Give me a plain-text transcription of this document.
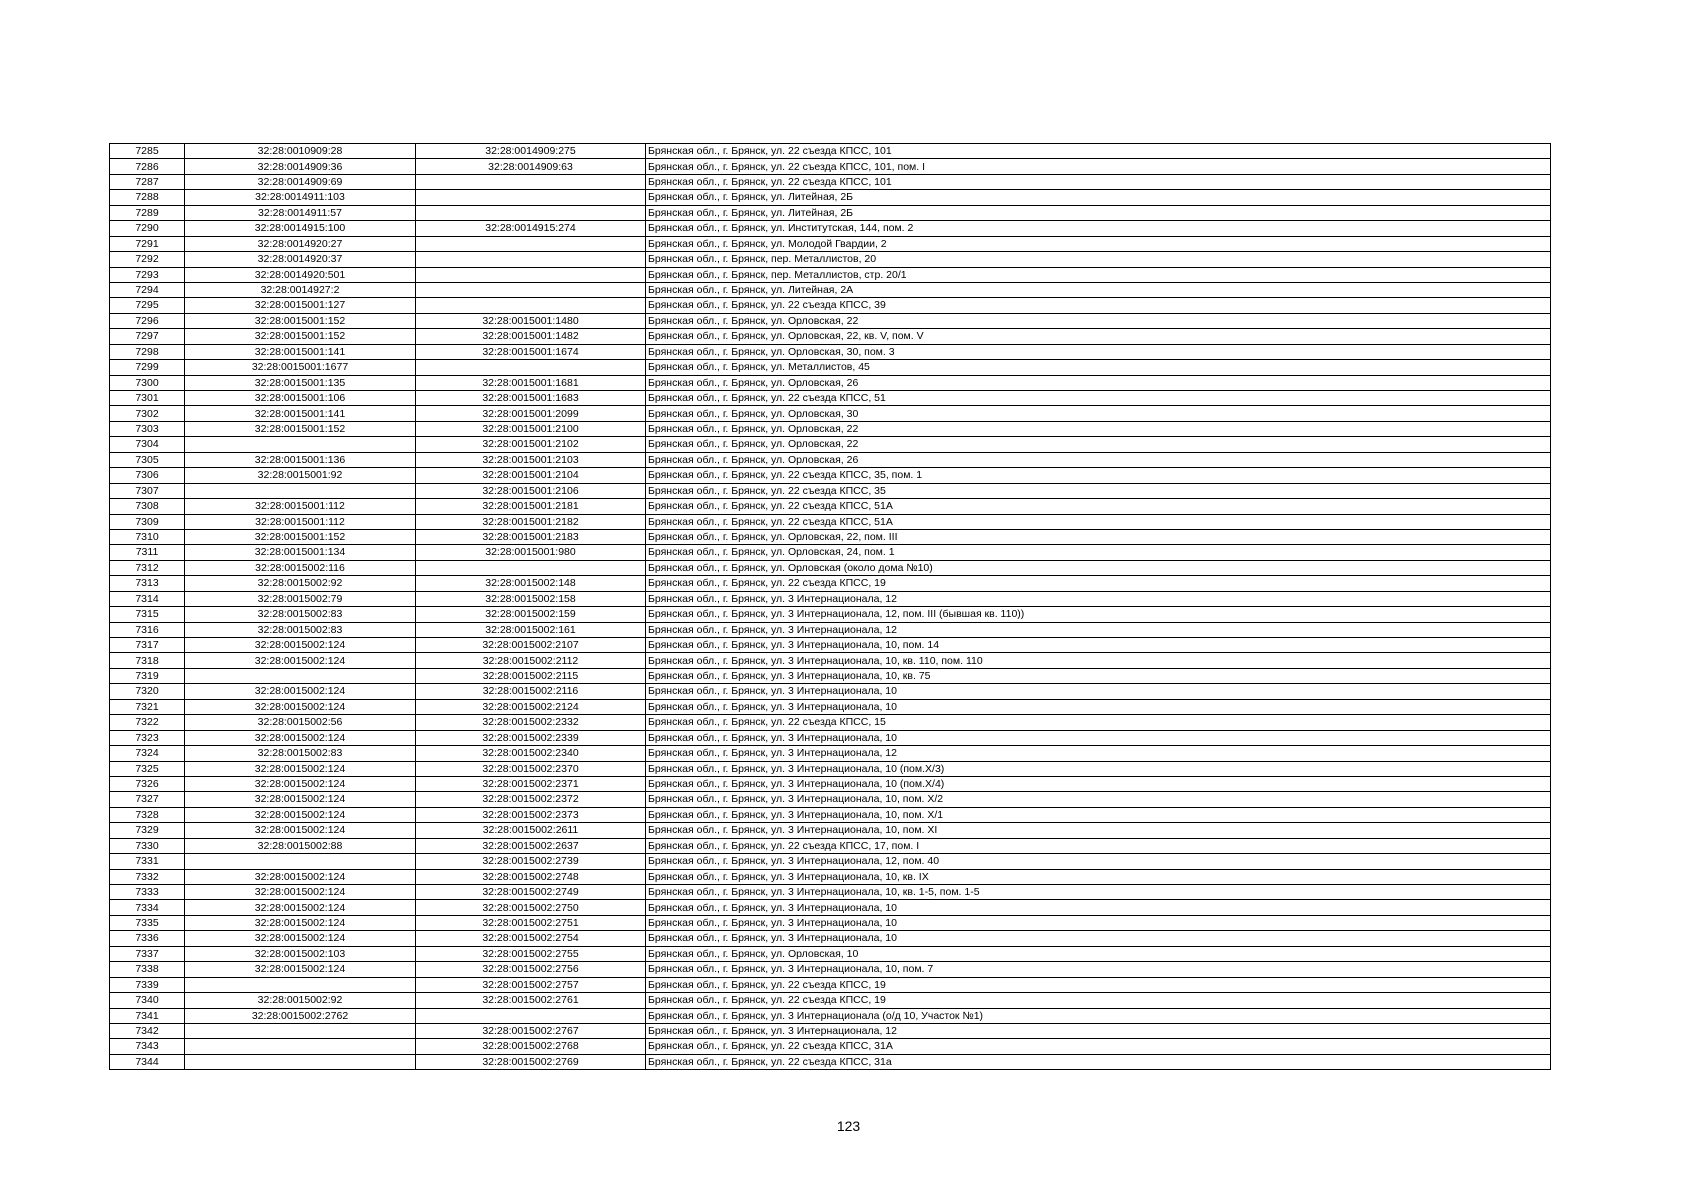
7285	32:28:0010909:28	32:28:0014909:275	Брянская обл., г. Брянск, ул. 22 съезда КПСС, 101
7286	32:28:0014909:36	32:28:0014909:63	Брянская обл., г. Брянск, ул. 22 съезда КПСС, 101, пом. I
7287	32:28:0014909:69		Брянская обл., г. Брянск, ул. 22 съезда КПСС, 101
7288	32:28:0014911:103		Брянская обл., г. Брянск, ул. Литейная, 2Б
7289	32:28:0014911:57		Брянская обл., г. Брянск, ул. Литейная, 2Б
7290	32:28:0014915:100	32:28:0014915:274	Брянская обл., г. Брянск, ул. Институтская, 144, пом. 2
7291	32:28:0014920:27		Брянская обл., г. Брянск, ул. Молодой Гвардии, 2
7292	32:28:0014920:37		Брянская обл., г. Брянск, пер. Металлистов, 20
7293	32:28:0014920:501		Брянская обл., г. Брянск, пер. Металлистов, стр. 20/1
7294	32:28:0014927:2		Брянская обл., г. Брянск, ул. Литейная, 2А
7295	32:28:0015001:127		Брянская обл., г. Брянск, ул. 22 съезда КПСС, 39
7296	32:28:0015001:152	32:28:0015001:1480	Брянская обл., г. Брянск, ул. Орловская, 22
7297	32:28:0015001:152	32:28:0015001:1482	Брянская обл., г. Брянск, ул. Орловская, 22, кв. V, пом. V
7298	32:28:0015001:141	32:28:0015001:1674	Брянская обл., г. Брянск, ул. Орловская, 30, пом. 3
7299	32:28:0015001:1677		Брянская обл., г. Брянск, ул. Металлистов, 45
7300	32:28:0015001:135	32:28:0015001:1681	Брянская обл., г. Брянск, ул. Орловская, 26
7301	32:28:0015001:106	32:28:0015001:1683	Брянская обл., г. Брянск, ул. 22 съезда КПСС, 51
7302	32:28:0015001:141	32:28:0015001:2099	Брянская обл., г. Брянск, ул. Орловская, 30
7303	32:28:0015001:152	32:28:0015001:2100	Брянская обл., г. Брянск, ул. Орловская, 22
7304		32:28:0015001:2102	Брянская обл., г. Брянск, ул. Орловская, 22
7305	32:28:0015001:136	32:28:0015001:2103	Брянская обл., г. Брянск, ул. Орловская, 26
7306	32:28:0015001:92	32:28:0015001:2104	Брянская обл., г. Брянск, ул. 22 съезда КПСС, 35, пом. 1
7307		32:28:0015001:2106	Брянская обл., г. Брянск, ул. 22 съезда КПСС, 35
7308	32:28:0015001:112	32:28:0015001:2181	Брянская обл., г. Брянск, ул. 22 съезда КПСС, 51А
7309	32:28:0015001:112	32:28:0015001:2182	Брянская обл., г. Брянск, ул. 22 съезда КПСС, 51А
7310	32:28:0015001:152	32:28:0015001:2183	Брянская обл., г. Брянск, ул. Орловская, 22, пом. III
7311	32:28:0015001:134	32:28:0015001:980	Брянская обл., г. Брянск, ул. Орловская, 24, пом. 1
7312	32:28:0015002:116		Брянская обл., г. Брянск, ул. Орловская (около дома №10)
7313	32:28:0015002:92	32:28:0015002:148	Брянская обл., г. Брянск, ул. 22 съезда КПСС, 19
7314	32:28:0015002:79	32:28:0015002:158	Брянская обл., г. Брянск, ул. 3 Интернационала, 12
7315	32:28:0015002:83	32:28:0015002:159	Брянская обл., г. Брянск, ул. 3 Интернационала, 12, пом. III (бывшая кв. 110))
7316	32:28:0015002:83	32:28:0015002:161	Брянская обл., г. Брянск, ул. 3 Интернационала, 12
7317	32:28:0015002:124	32:28:0015002:2107	Брянская обл., г. Брянск, ул. 3 Интернационала, 10, пом. 14
7318	32:28:0015002:124	32:28:0015002:2112	Брянская обл., г. Брянск, ул. 3 Интернационала, 10, кв. 110, пом. 110
7319		32:28:0015002:2115	Брянская обл., г. Брянск, ул. 3 Интернационала, 10, кв. 75
7320	32:28:0015002:124	32:28:0015002:2116	Брянская обл., г. Брянск, ул. 3 Интернационала, 10
7321	32:28:0015002:124	32:28:0015002:2124	Брянская обл., г. Брянск, ул. 3 Интернационала, 10
7322	32:28:0015002:56	32:28:0015002:2332	Брянская обл., г. Брянск, ул. 22 съезда КПСС, 15
7323	32:28:0015002:124	32:28:0015002:2339	Брянская обл., г. Брянск, ул. 3 Интернационала, 10
7324	32:28:0015002:83	32:28:0015002:2340	Брянская обл., г. Брянск, ул. 3 Интернационала, 12
7325	32:28:0015002:124	32:28:0015002:2370	Брянская обл., г. Брянск, ул. 3 Интернационала, 10 (пом.Х/3)
7326	32:28:0015002:124	32:28:0015002:2371	Брянская обл., г. Брянск, ул. 3 Интернационала, 10 (пом.Х/4)
7327	32:28:0015002:124	32:28:0015002:2372	Брянская обл., г. Брянск, ул. 3 Интернационала, 10, пом. Х/2
7328	32:28:0015002:124	32:28:0015002:2373	Брянская обл., г. Брянск, ул. 3 Интернационала, 10, пом. Х/1
7329	32:28:0015002:124	32:28:0015002:2611	Брянская обл., г. Брянск, ул. 3 Интернационала, 10, пом. XI
7330	32:28:0015002:88	32:28:0015002:2637	Брянская обл., г. Брянск, ул. 22 съезда КПСС, 17, пом. I
7331		32:28:0015002:2739	Брянская обл., г. Брянск, ул. 3 Интернационала, 12, пом. 40
7332	32:28:0015002:124	32:28:0015002:2748	Брянская обл., г. Брянск, ул. 3 Интернационала, 10, кв. IX
7333	32:28:0015002:124	32:28:0015002:2749	Брянская обл., г. Брянск, ул. 3 Интернационала, 10, кв. 1-5, пом. 1-5
7334	32:28:0015002:124	32:28:0015002:2750	Брянская обл., г. Брянск, ул. 3 Интернационала, 10
7335	32:28:0015002:124	32:28:0015002:2751	Брянская обл., г. Брянск, ул. 3 Интернационала, 10
7336	32:28:0015002:124	32:28:0015002:2754	Брянская обл., г. Брянск, ул. 3 Интернационала, 10
7337	32:28:0015002:103	32:28:0015002:2755	Брянская обл., г. Брянск, ул. Орловская, 10
7338	32:28:0015002:124	32:28:0015002:2756	Брянская обл., г. Брянск, ул. 3 Интернационала, 10, пом. 7
7339		32:28:0015002:2757	Брянская обл., г. Брянск, ул. 22 съезда КПСС, 19
7340	32:28:0015002:92	32:28:0015002:2761	Брянская обл., г. Брянск, ул. 22 съезда КПСС, 19
7341	32:28:0015002:2762		Брянская обл., г. Брянск, ул. 3 Интернационала (о/д 10, Участок №1)
7342		32:28:0015002:2767	Брянская обл., г. Брянск, ул. 3 Интернационала, 12
7343		32:28:0015002:2768	Брянская обл., г. Брянск, ул. 22 съезда КПСС, 31А
7344		32:28:0015002:2769	Брянская обл., г. Брянск, ул. 22 съезда КПСС, 31а
123
